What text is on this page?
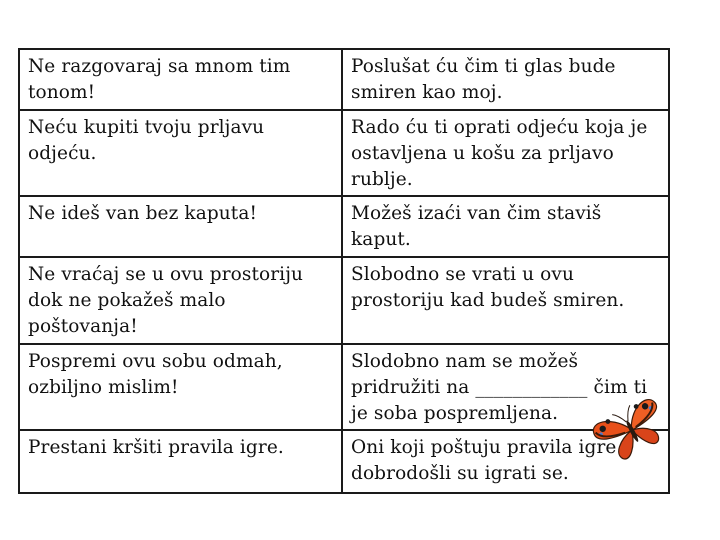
Ne razgovaraj sa mnom tim tonom!	Poslušat ću čim ti glas bude smiren kao moj.
Neću kupiti tvoju prljavu odjeću.	Rado ću ti oprati odjeću koja je ostavljena u košu za prljavo rublje.
Ne ideš van bez kaputa!	Možeš izaći van čim staviš kaput.
Ne vraćaj se u ovu prostoriju dok ne pokažeš malo poštovanja!	Slobodno se vrati u ovu prostoriju kad budeš smiren.
Pospremi ovu sobu odmah, ozbiljno mislim!	Slodobno nam se možeš pridružiti na ____________ čim ti je soba pospremljena.
Prestani kršiti pravila igre.	Oni koji poštuju pravila igre dobrodošli su igrati se.
